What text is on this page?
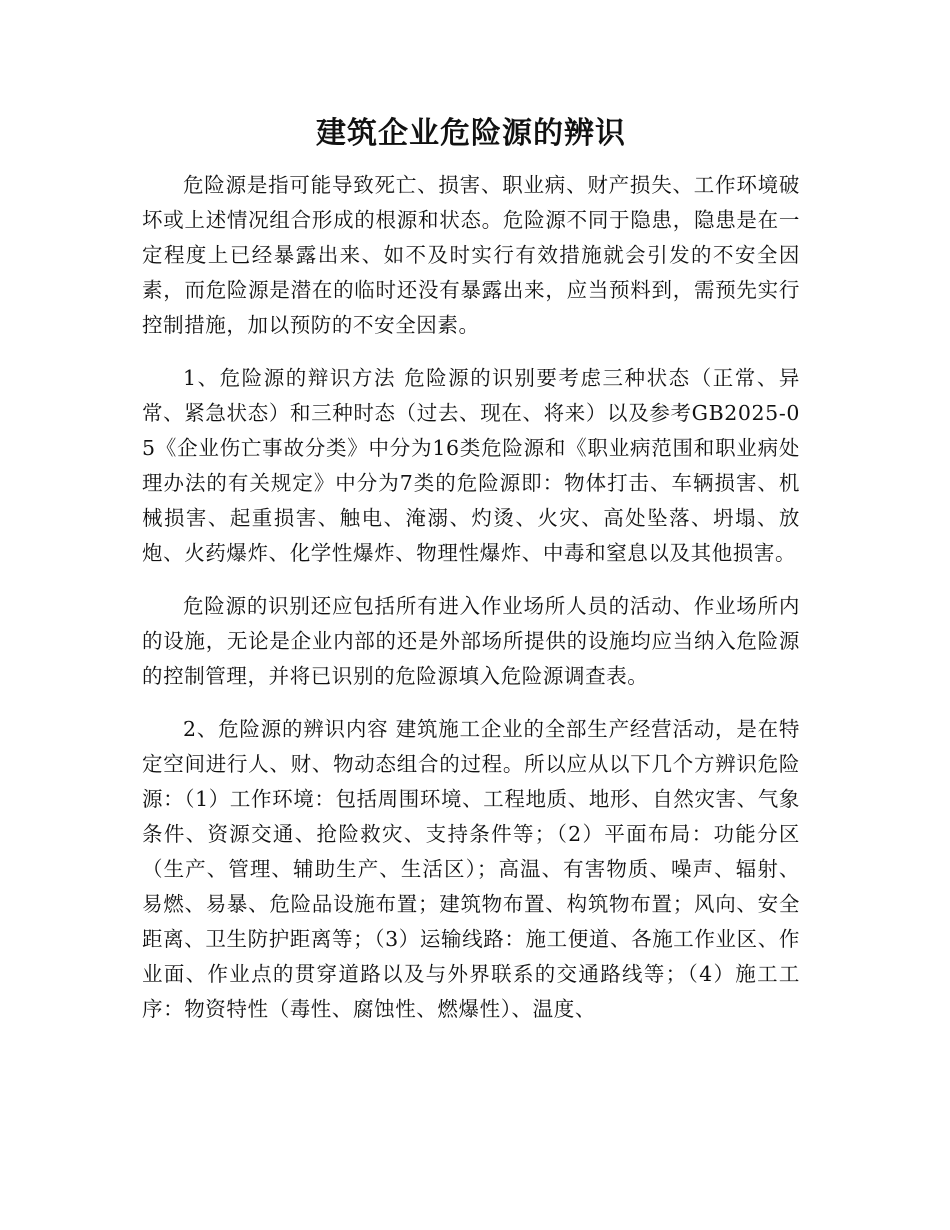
建筑企业危险源的辨识

危险源是指可能导致死亡、损害、职业病、财产损失、工作环境破坏或上述情况组合形成的根源和状态。危险源不同于隐患，隐患是在一定程度上已经暴露出来、如不及时实行有效措施就会引发的不安全因素，而危险源是潜在的临时还没有暴露出来，应当预料到，需预先实行控制措施，加以预防的不安全因素。

1、危险源的辩识方法 危险源的识别要考虑三种状态（正常、异常、紧急状态）和三种时态（过去、现在、将来）以及参考GB2025-05《企业伤亡事故分类》中分为16类危险源和《职业病范围和职业病处理办法的有关规定》中分为7类的危险源即：物体打击、车辆损害、机械损害、起重损害、触电、淹溺、灼烫、火灾、高处坠落、坍塌、放炮、火药爆炸、化学性爆炸、物理性爆炸、中毒和窒息以及其他损害。

危险源的识别还应包括所有进入作业场所人员的活动、作业场所内的设施，无论是企业内部的还是外部场所提供的设施均应当纳入危险源的控制管理，并将已识别的危险源填入危险源调查表。

2、危险源的辨识内容 建筑施工企业的全部生产经营活动，是在特定空间进行人、财、物动态组合的过程。所以应从以下几个方辨识危险源：（1）工作环境：包括周围环境、工程地质、地形、自然灾害、气象条件、资源交通、抢险救灾、支持条件等；（2）平面布局：功能分区（生产、管理、辅助生产、生活区）；高温、有害物质、噪声、辐射、易燃、易暴、危险品设施布置；建筑物布置、构筑物布置；风向、安全距离、卫生防护距离等；（3）运输线路：施工便道、各施工作业区、作业面、作业点的贯穿道路以及与外界联系的交通路线等；（4）施工工序：物资特性（毒性、腐蚀性、燃爆性）、温度、
